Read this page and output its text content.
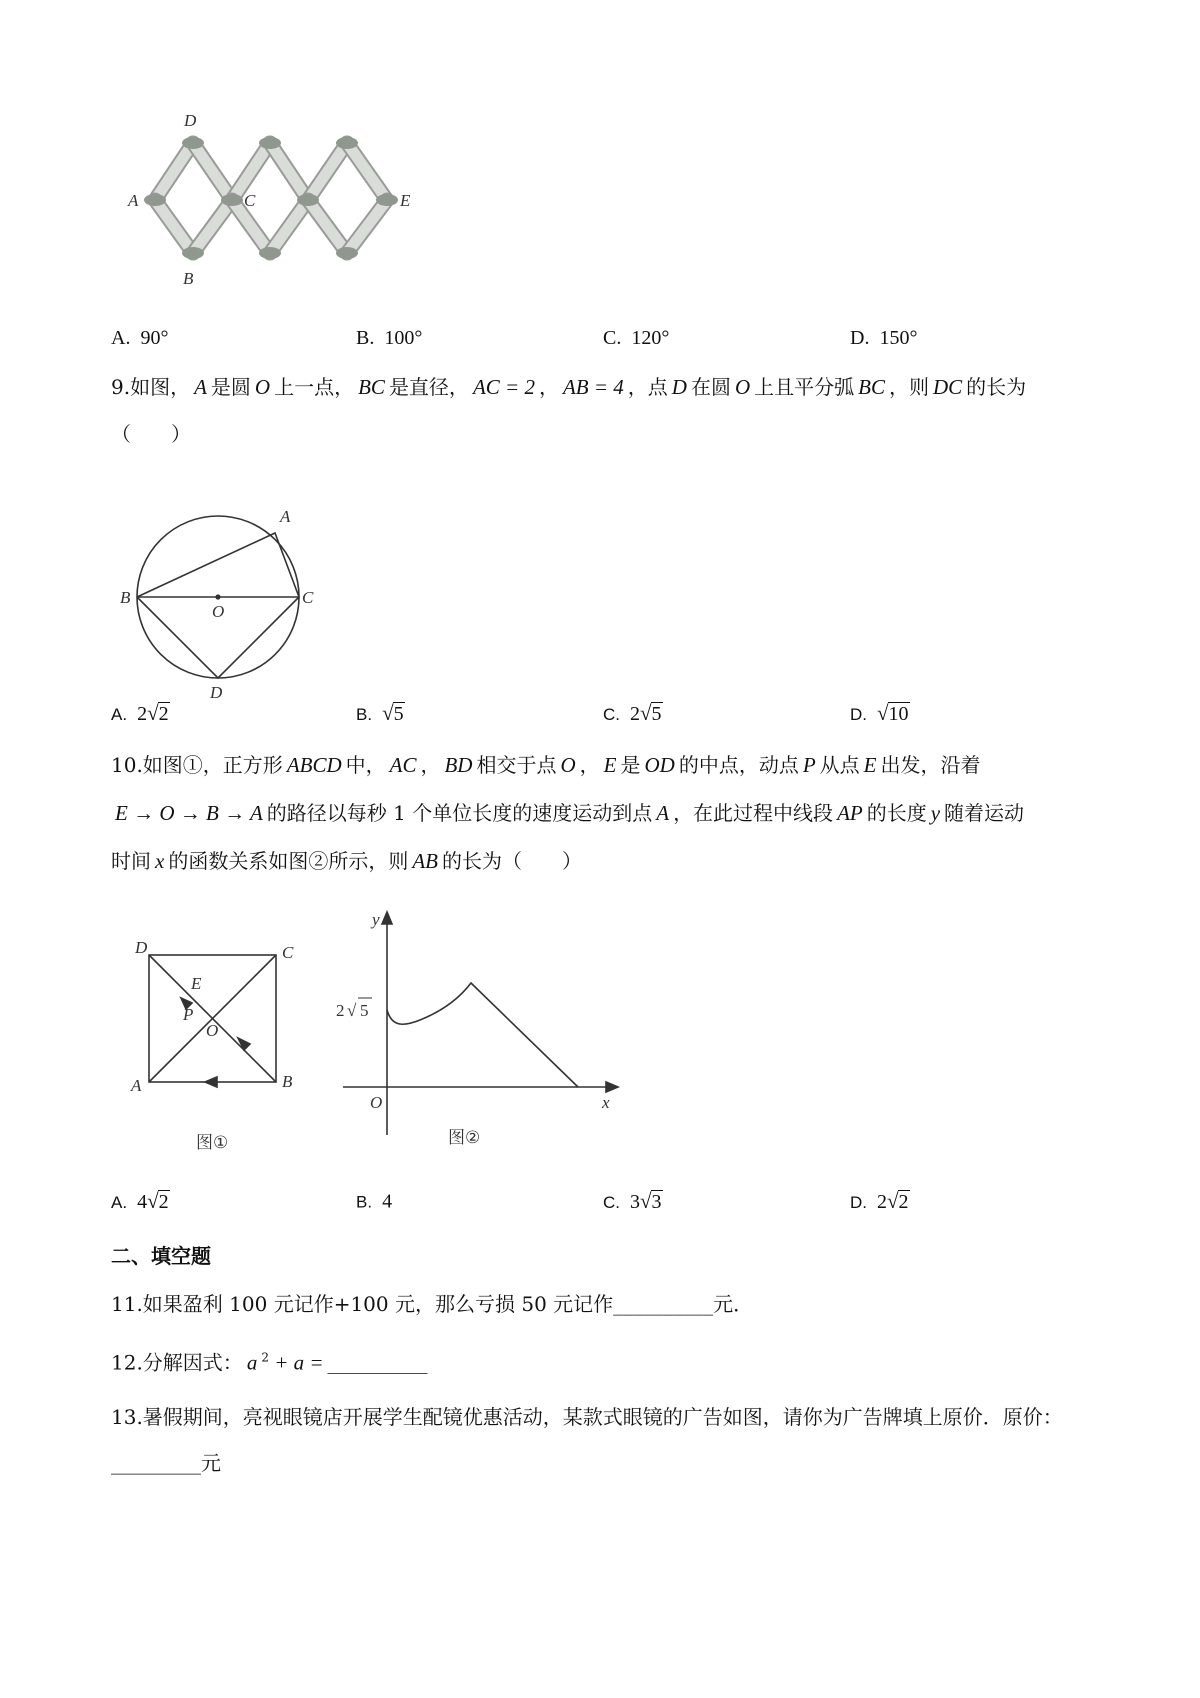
D
A	C	E
B
A
B	C
O
D
D	C
A	B
E
P
O
图①
y
x
O
2 √ 5
图②
A. 90°	B. 100°	C. 120°	D. 150°
9.如图， A 是圆 O 上一点， BC 是直径， AC = 2 ， AB = 4 ，点 D 在圆 O 上且平分弧 BC ，则 DC 的长为
（　　）
A. 2√2	B. √5	C. 2√5	D. √10
10.如图①，正方形 ABCD 中， AC ， BD 相交于点 O ， E 是 OD 的中点，动点 P 从点 E 出发，沿着
E → O → B → A 的路径以每秒 1 个单位长度的速度运动到点 A ，在此过程中线段 AP 的长度 y 随着运动
时间 x 的函数关系如图②所示，则 AB 的长为（　　）
A. 4√2	B. 4	C. 3√3	D. 2√2
二、填空题
11.如果盈利 100 元记作+100 元，那么亏损 50 元记作__________元．
12.分解因式： a $^2$ + a = __________
13.暑假期间，亮视眼镜店开展学生配镜优惠活动，某款式眼镜的广告如图，请你为广告牌填上原价．原价：
_________元
